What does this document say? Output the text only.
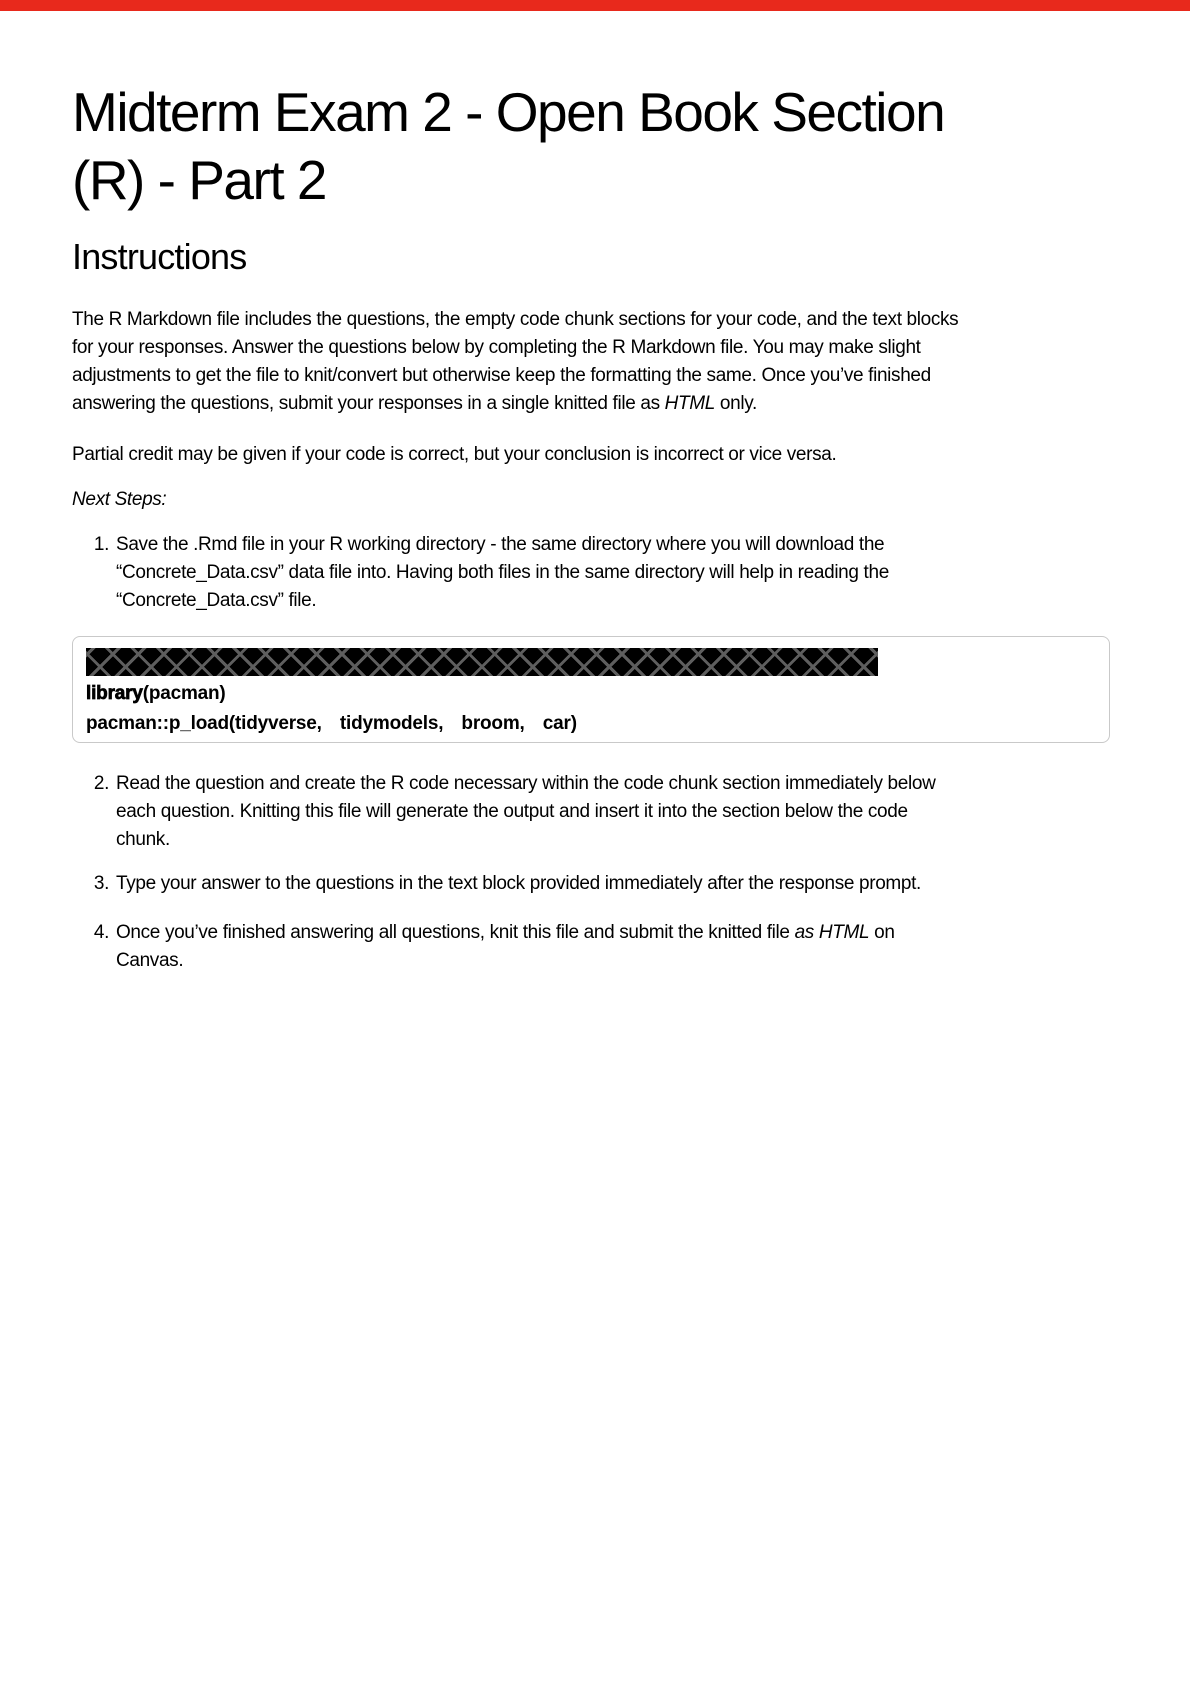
Midterm Exam 2 - Open Book Section (R) - Part 2
Instructions

The R Markdown file includes the questions, the empty code chunk sections for your code, and the text blocks for your responses. Answer the questions below by completing the R Markdown file. You may make slight adjustments to get the file to knit/convert but otherwise keep the formatting the same. Once you’ve finished answering the questions, submit your responses in a single knitted file as HTML only.

Partial credit may be given if your code is correct, but your conclusion is incorrect or vice versa.

Next Steps:

1. Save the .Rmd file in your R working directory - the same directory where you will download the “Concrete_Data.csv” data file into. Having both files in the same directory will help in reading the “Concrete_Data.csv” file.
library(pacman)
pacman::p_load(tidyverse,  tidymodels,  broom,  car)
2. Read the question and create the R code necessary within the code chunk section immediately below each question. Knitting this file will generate the output and insert it into the section below the code chunk.
3. Type your answer to the questions in the text block provided immediately after the response prompt.
4. Once you’ve finished answering all questions, knit this file and submit the knitted file as HTML on Canvas.
